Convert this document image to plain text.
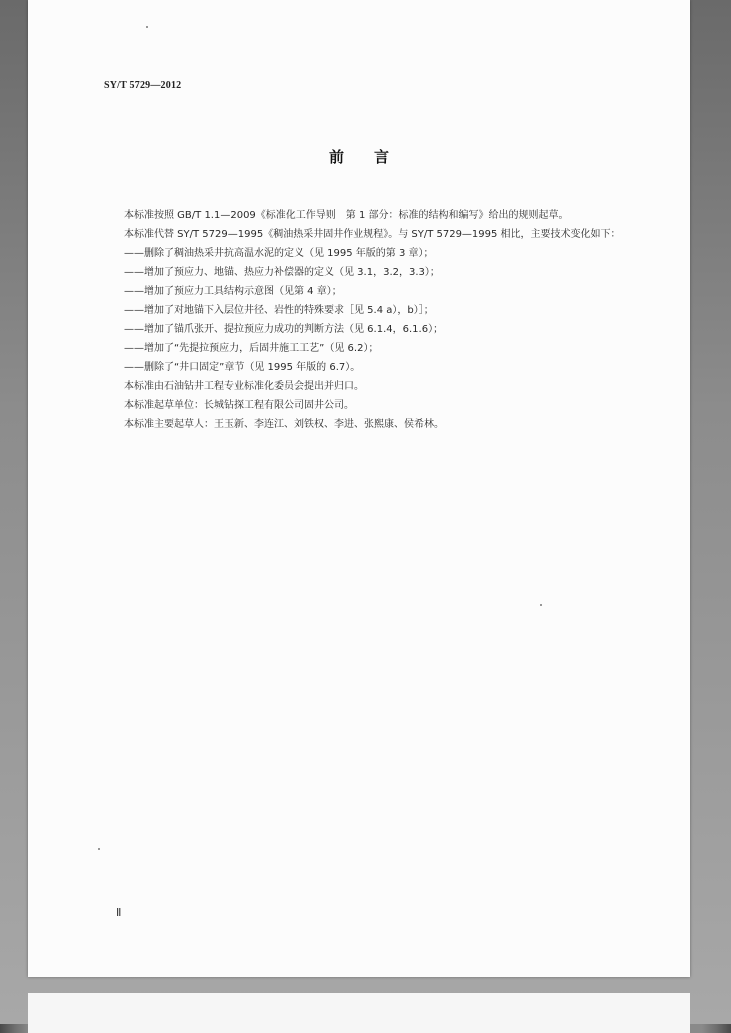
SY/T 5729—2012
前言

本标准按照 GB/T 1.1—2009《标准化工作导则　第 1 部分：标准的结构和编写》给出的规则起草。

本标准代替 SY/T 5729—1995《稠油热采井固井作业规程》。与 SY/T 5729—1995 相比，主要技术变化如下：

——删除了稠油热采井抗高温水泥的定义（见 1995 年版的第 3 章）；

——增加了预应力、地锚、热应力补偿器的定义（见 3.1，3.2，3.3）；

——增加了预应力工具结构示意图（见第 4 章）；

——增加了对地锚下入层位井径、岩性的特殊要求［见 5.4 a），b）］；

——增加了锚爪张开、提拉预应力成功的判断方法（见 6.1.4，6.1.6）；

——增加了“先提拉预应力，后固井施工工艺”（见 6.2）；

——删除了“井口固定”章节（见 1995 年版的 6.7）。

本标准由石油钻井工程专业标准化委员会提出并归口。

本标准起草单位：长城钻探工程有限公司固井公司。

本标准主要起草人：王玉新、李连江、刘铁权、李进、张熙康、侯希林。

Ⅱ
